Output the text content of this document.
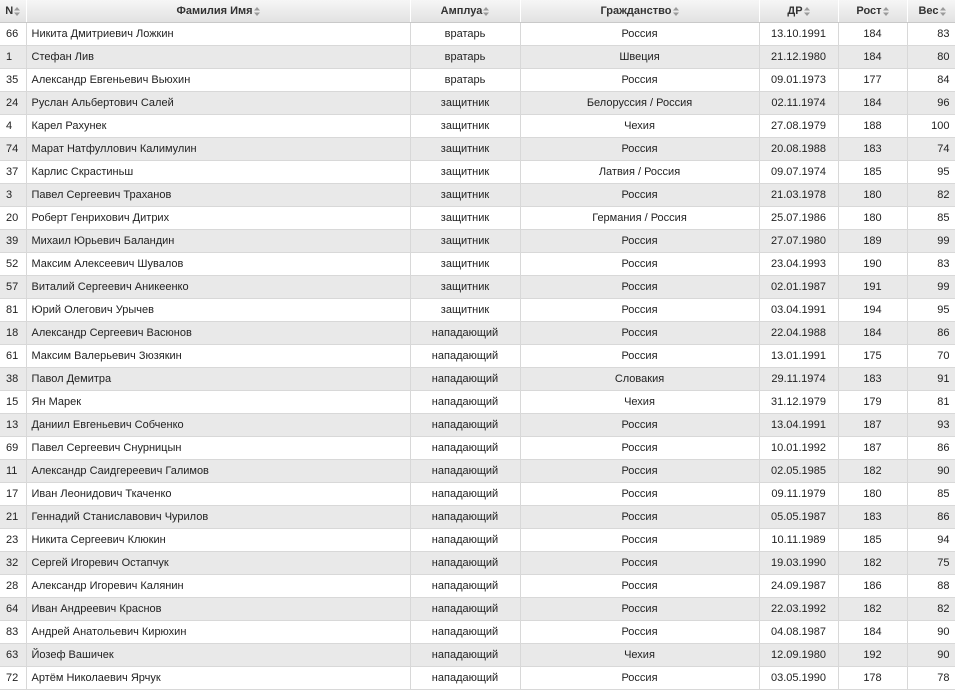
N	Фамилия Имя	Амплуа	Гражданство	ДР	Рост	Вес
66	Никита Дмитриевич Ложкин	вратарь	Россия	13.10.1991	184	83
1	Стефан Лив	вратарь	Швеция	21.12.1980	184	80
35	Александр Евгеньевич Вьюхин	вратарь	Россия	09.01.1973	177	84
24	Руслан Альбертович Салей	защитник	Белоруссия / Россия	02.11.1974	184	96
4	Карел Рахунек	защитник	Чехия	27.08.1979	188	100
74	Марат Натфуллович Калимулин	защитник	Россия	20.08.1988	183	74
37	Карлис Скрастиньш	защитник	Латвия / Россия	09.07.1974	185	95
3	Павел Сергеевич Траханов	защитник	Россия	21.03.1978	180	82
20	Роберт Генрихович Дитрих	защитник	Германия / Россия	25.07.1986	180	85
39	Михаил Юрьевич Баландин	защитник	Россия	27.07.1980	189	99
52	Максим Алексеевич Шувалов	защитник	Россия	23.04.1993	190	83
57	Виталий Сергеевич Аникеенко	защитник	Россия	02.01.1987	191	99
81	Юрий Олегович Урычев	защитник	Россия	03.04.1991	194	95
18	Александр Сергеевич Васюнов	нападающий	Россия	22.04.1988	184	86
61	Максим Валерьевич Зюзякин	нападающий	Россия	13.01.1991	175	70
38	Павол Демитра	нападающий	Словакия	29.11.1974	183	91
15	Ян Марек	нападающий	Чехия	31.12.1979	179	81
13	Даниил Евгеньевич Собченко	нападающий	Россия	13.04.1991	187	93
69	Павел Сергеевич Снурницын	нападающий	Россия	10.01.1992	187	86
11	Александр Саидгереевич Галимов	нападающий	Россия	02.05.1985	182	90
17	Иван Леонидович Ткаченко	нападающий	Россия	09.11.1979	180	85
21	Геннадий Станиславович Чурилов	нападающий	Россия	05.05.1987	183	86
23	Никита Сергеевич Клюкин	нападающий	Россия	10.11.1989	185	94
32	Сергей Игоревич Остапчук	нападающий	Россия	19.03.1990	182	75
28	Александр Игоревич Калянин	нападающий	Россия	24.09.1987	186	88
64	Иван Андреевич Краснов	нападающий	Россия	22.03.1992	182	82
83	Андрей Анатольевич Кирюхин	нападающий	Россия	04.08.1987	184	90
63	Йозеф Вашичек	нападающий	Чехия	12.09.1980	192	90
72	Артём Николаевич Ярчук	нападающий	Россия	03.05.1990	178	78
